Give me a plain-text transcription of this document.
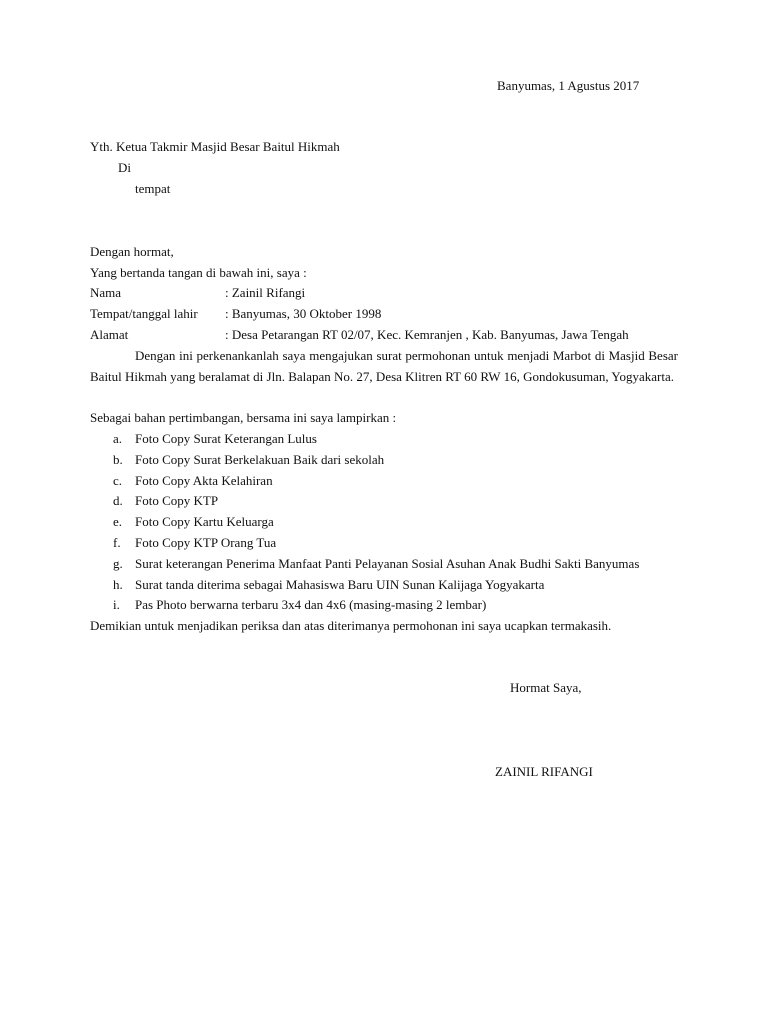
Banyumas, 1 Agustus 2017
Yth. Ketua Takmir Masjid Besar Baitul Hikmah
Di
tempat
Dengan hormat,
Yang bertanda tangan di bawah ini, saya :
Nama	: Zainil Rifangi
Tempat/tanggal lahir : Banyumas, 30 Oktober 1998
Alamat	: Desa Petarangan RT 02/07, Kec. Kemranjen , Kab. Banyumas, Jawa Tengah
Dengan ini perkenankanlah saya mengajukan surat permohonan untuk menjadi Marbot di Masjid Besar Baitul Hikmah yang beralamat di Jln. Balapan No. 27, Desa Klitren RT 60 RW 16, Gondokusuman, Yogyakarta.
Sebagai bahan pertimbangan, bersama ini saya lampirkan :
a. Foto Copy Surat Keterangan Lulus
b. Foto Copy Surat Berkelakuan Baik dari sekolah
c. Foto Copy Akta Kelahiran
d. Foto Copy KTP
e. Foto Copy Kartu Keluarga
f. Foto Copy KTP Orang Tua
g. Surat keterangan Penerima Manfaat Panti Pelayanan Sosial Asuhan Anak Budhi Sakti Banyumas
h. Surat tanda diterima sebagai Mahasiswa Baru UIN Sunan Kalijaga Yogyakarta
i. Pas Photo berwarna terbaru 3x4 dan 4x6 (masing-masing 2 lembar)
Demikian untuk menjadikan periksa dan atas diterimanya permohonan ini saya ucapkan termakasih.
Hormat Saya,
ZAINIL RIFANGI
